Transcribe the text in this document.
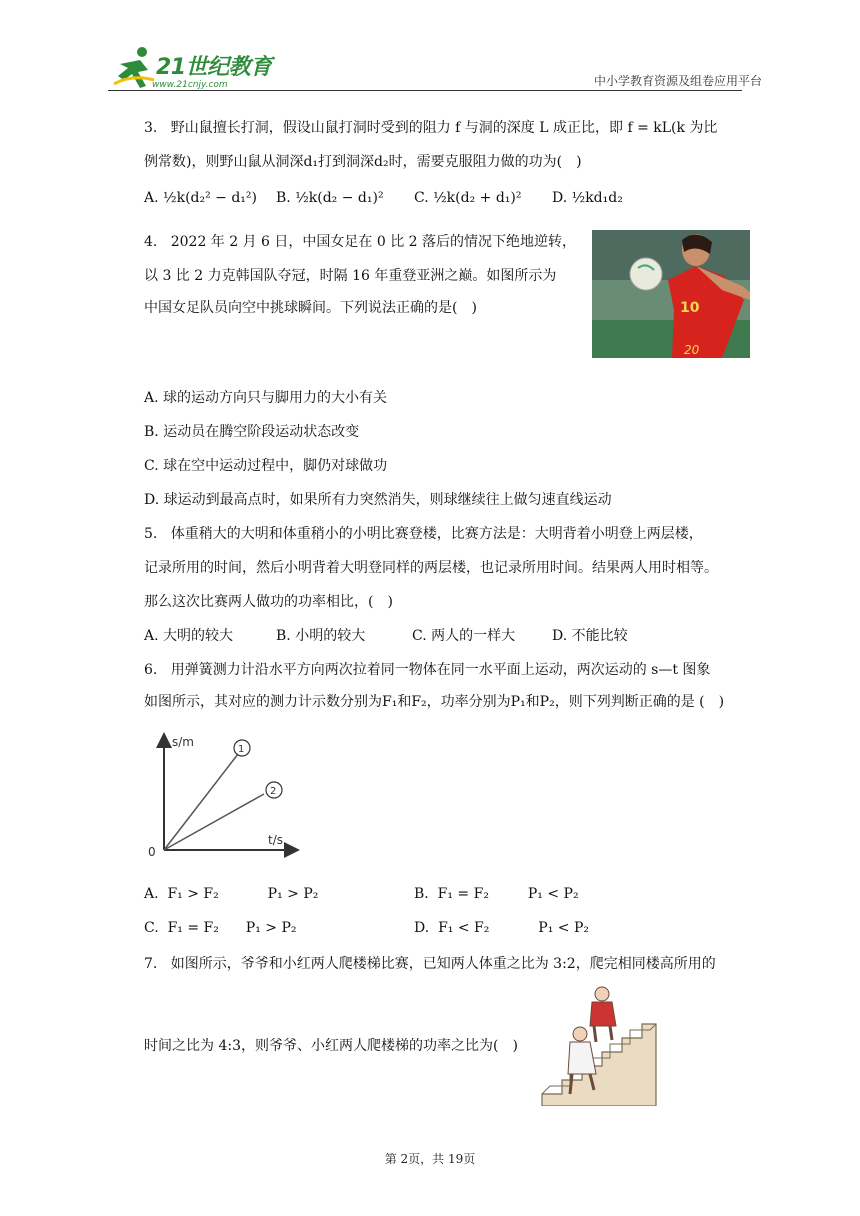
21世纪教育
www.21cnjy.com	中小学教育资源及组卷应用平台
3. 野山鼠擅长打洞，假设山鼠打洞时受到的阻力 f 与洞的深度 L 成正比，即 f = kL(k 为比
例常数)，则野山鼠从洞深d₁打到洞深d₂时，需要克服阻力做的功为(　)
A. ½k(d₂² − d₁²) B. ½k(d₂ − d₁)² C. ½k(d₂ + d₁)² D. ½kd₁d₂
4. 2022 年 2 月 6 日，中国女足在 0 比 2 落后的情况下绝地逆转，
以 3 比 2 力克韩国队夺冠，时隔 16 年重登亚洲之巅。如图所示为
中国女足队员向空中挑球瞬间。下列说法正确的是(　)	10
20
A. 球的运动方向只与脚用力的大小有关
B. 运动员在腾空阶段运动状态改变
C. 球在空中运动过程中，脚仍对球做功
D. 球运动到最高点时，如果所有力突然消失，则球继续往上做匀速直线运动
5. 体重稍大的大明和体重稍小的小明比赛登楼，比赛方法是：大明背着小明登上两层楼，
记录所用的时间，然后小明背着大明登同样的两层楼，也记录所用时间。结果两人用时相等。
那么这次比赛两人做功的功率相比，(　)
A. 大明的较大	B. 小明的较大	C. 两人的一样大	D. 不能比较
6. 用弹簧测力计沿水平方向两次拉着同一物体在同一水平面上运动，两次运动的 s—t 图象
如图所示，其对应的测力计示数分别为F₁和F₂，功率分别为P₁和P₂，则下列判断正确的是 (　)
1
2
s/m
t/s
0
A. F₁ > F₂	P₁ > P₂	B. F₁ = F₂	P₁ < P₂
C. F₁ = F₂ P₁ > P₂	D. F₁ < F₂	P₁ < P₂
7. 如图所示，爷爷和小红两人爬楼梯比赛，已知两人体重之比为 3:2，爬完相同楼高所用的
时间之比为 4:3，则爷爷、小红两人爬楼梯的功率之比为(　)
第 2页，共 19页
